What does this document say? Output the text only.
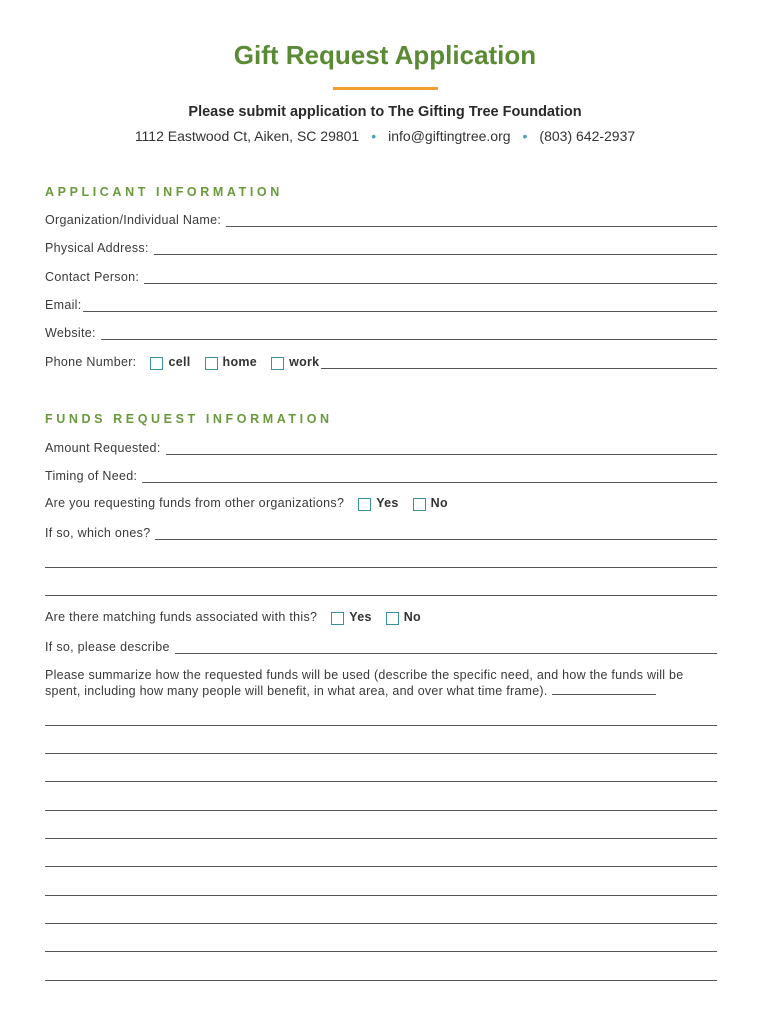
Gift Request Application
Please submit application to The Gifting Tree Foundation
1112 Eastwood Ct, Aiken, SC 29801 • info@giftingtree.org • (803) 642-2937
APPLICANT INFORMATION
Organization/Individual Name:
Physical Address:
Contact Person:
Email:
Website:
Phone Number:	cell	home	work
FUNDS REQUEST INFORMATION
Amount Requested:
Timing of Need:
Are you requesting funds from other organizations?	Yes	No
If so, which ones?
Are there matching funds associated with this?	Yes	No
If so, please describe
Please summarize how the requested funds will be used (describe the specific need, and how the funds will be spent, including how many people will benefit, in what area, and over what time frame).
